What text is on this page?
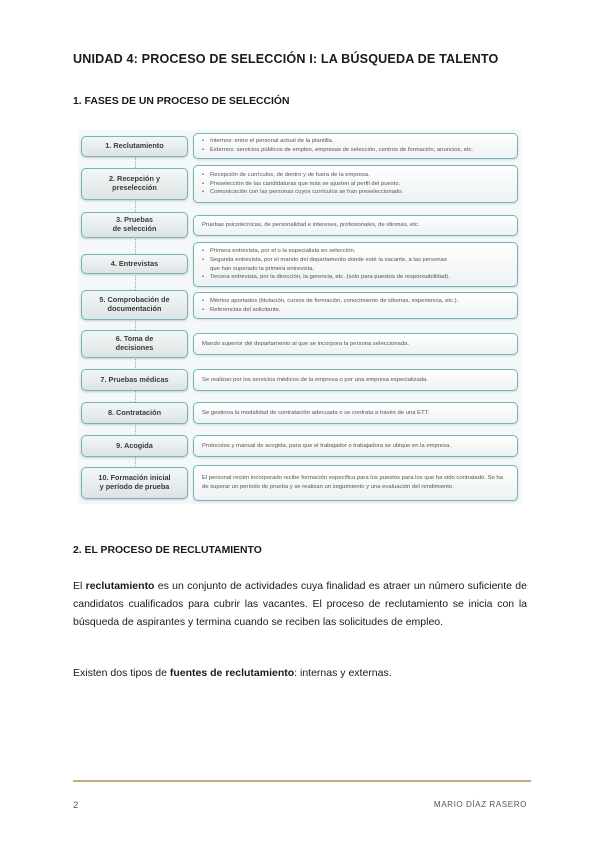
UNIDAD 4: PROCESO DE SELECCIÓN I: LA BÚSQUEDA DE TALENTO
1. FASES DE UN PROCESO DE SELECCIÓN
1. Reclutamiento
•	Internos: entre el personal actual de la plantilla.
• Externos: servicios públicos de empleo, empresas de selección, centros de formación, anuncios, etc.
2. Recepción y
preselección
• Recepción de currículos, de dentro y de fuera de la empresa.
• Preselección de las candidaturas que más se ajusten al perfil del puesto.
• Comunicación con las personas cuyos currículos se han preseleccionado.
3. Pruebas
de selección	Pruebas psicotécnicas, de personalidad e intereses, profesionales, de idiomas, etc.
4. Entrevistas
• Primera entrevista, por el o la especialista en selección.
• Segunda entrevista, por el mando del departamento donde esté la vacante, a las personas
que han superado la primera entrevista.
• Tercera entrevista, por la dirección, la gerencia, etc. (solo para puestos de responsabilidad).
5. Comprobación de
documentación
• Méritos aportados (titulación, cursos de formación, conocimiento de idiomas, experiencia, etc.).
• Referencias del solicitante.
6. Toma de
decisiones	Mando superior del departamento al que se incorpora la persona seleccionada.
7. Pruebas médicas	Se realizan por los servicios médicos de la empresa o por una empresa especializada.
8. Contratación	Se gestiona la modalidad de contratación adecuada o se contrata a través de una ETT.
9. Acogida	Protocolos y manual de acogida, para que el trabajador o trabajadora se ubique en la empresa.
10. Formación inicial
y período de prueba
El personal recién incorporado recibe formación específica para los puestos para los que ha sido contratado. Se ha de superar un período de prueba y se realizan un seguimiento y una evaluación del rendimiento.
2. EL PROCESO DE RECLUTAMIENTO

El reclutamiento es un conjunto de actividades cuya finalidad es atraer un número suficiente de candidatos cualificados para cubrir las vacantes. El proceso de reclutamiento se inicia con la búsqueda de aspirantes y termina cuando se reciben las solicitudes de empleo.

Existen dos tipos de fuentes de reclutamiento: internas y externas.

2	MARIO DÍAZ RASERO
